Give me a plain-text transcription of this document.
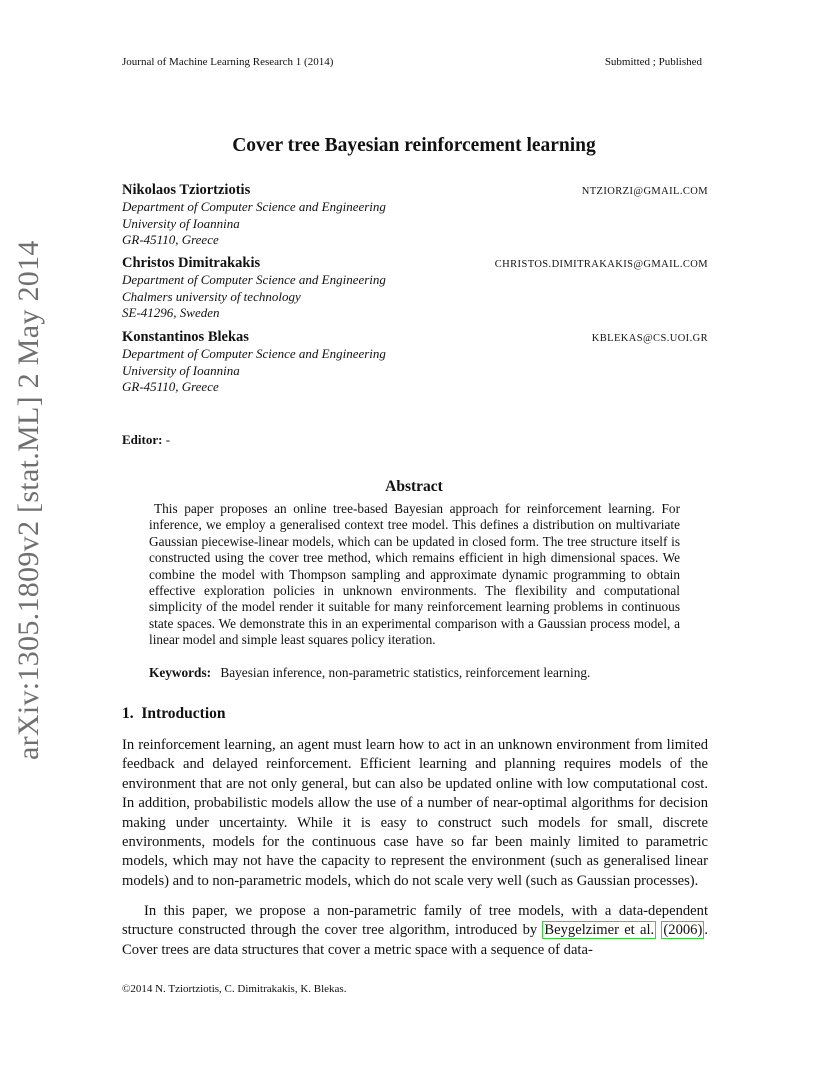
Journal of Machine Learning Research 1 (2014)	Submitted ; Published
arXiv:1305.1809v2 [stat.ML] 2 May 2014
Cover tree Bayesian reinforcement learning
Nikolaos Tziortziotis	NTZIORZI@GMAIL.COM
Department of Computer Science and Engineering
University of Ioannina
GR-45110, Greece
Christos Dimitrakakis	CHRISTOS.DIMITRAKAKIS@GMAIL.COM
Department of Computer Science and Engineering
Chalmers university of technology
SE-41296, Sweden
Konstantinos Blekas	KBLEKAS@CS.UOI.GR
Department of Computer Science and Engineering
University of Ioannina
GR-45110, Greece
Editor: -
Abstract
This paper proposes an online tree-based Bayesian approach for reinforcement learning. For inference, we employ a generalised context tree model. This defines a distribution on multivariate Gaussian piecewise-linear models, which can be updated in closed form. The tree structure itself is constructed using the cover tree method, which remains efficient in high dimensional spaces. We combine the model with Thompson sampling and approximate dynamic programming to obtain effective exploration policies in unknown environments. The flexibility and computational simplicity of the model render it suitable for many reinforcement learning problems in continuous state spaces. We demonstrate this in an experimental comparison with a Gaussian process model, a linear model and simple least squares policy iteration.
Keywords: Bayesian inference, non-parametric statistics, reinforcement learning.
1.  Introduction
In reinforcement learning, an agent must learn how to act in an unknown environment from limited feedback and delayed reinforcement. Efficient learning and planning requires models of the environment that are not only general, but can also be updated online with low computational cost. In addition, probabilistic models allow the use of a number of near-optimal algorithms for decision making under uncertainty. While it is easy to construct such models for small, discrete environments, models for the continuous case have so far been mainly limited to parametric models, which may not have the capacity to represent the environment (such as generalised linear models) and to non-parametric models, which do not scale very well (such as Gaussian processes).
In this paper, we propose a non-parametric family of tree models, with a data-dependent structure constructed through the cover tree algorithm, introduced by Beygelzimer et al. (2006) . Cover trees are data structures that cover a metric space with a sequence of data-
©2014 N. Tziortziotis, C. Dimitrakakis, K. Blekas.
